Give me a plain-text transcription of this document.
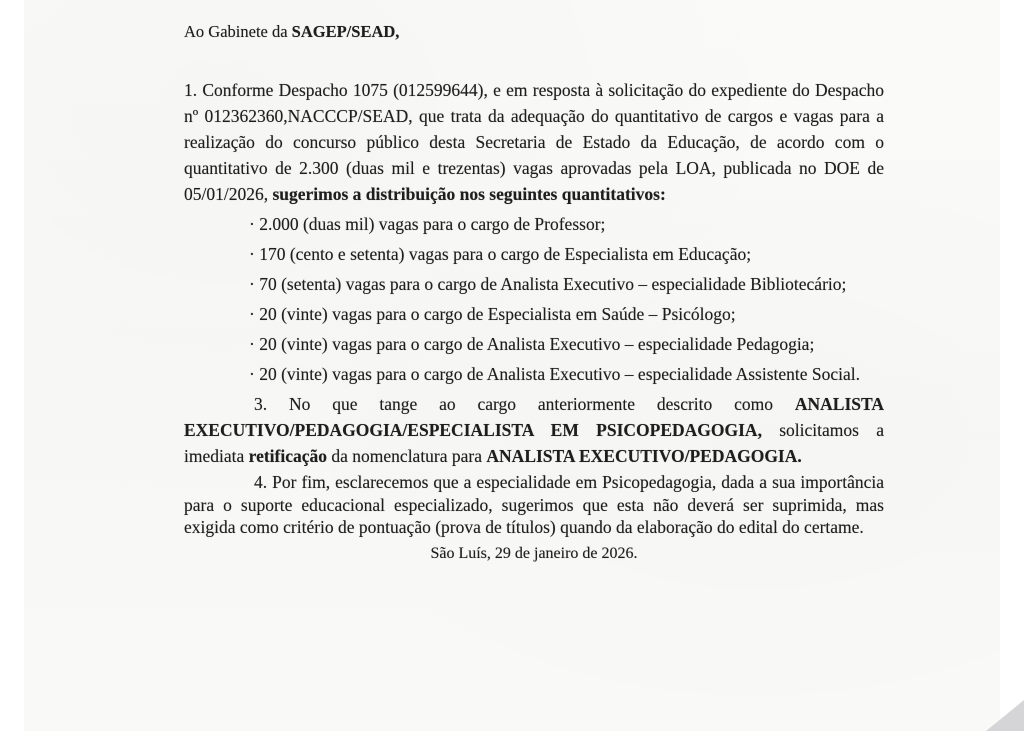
Ao Gabinete da SAGEP/SEAD,

1. Conforme Despacho 1075 (012599644), e em resposta à solicitação do expediente do Despacho nº 012362360,NACCCP/SEAD, que trata da adequação do quantitativo de cargos e vagas para a realização do concurso público desta Secretaria de Estado da Educação, de acordo com o quantitativo de 2.300 (duas mil e trezentas) vagas aprovadas pela LOA, publicada no DOE de 05/01/2026, sugerimos a distribuição nos seguintes quantitativos:

· 2.000 (duas mil) vagas para o cargo de Professor;

· 170 (cento e setenta) vagas para o cargo de Especialista em Educação;

· 70 (setenta) vagas para o cargo de Analista Executivo – especialidade Bibliotecário;

· 20 (vinte) vagas para o cargo de Especialista em Saúde – Psicólogo;

· 20 (vinte) vagas para o cargo de Analista Executivo – especialidade Pedagogia;

· 20 (vinte) vagas para o cargo de Analista Executivo – especialidade Assistente Social.

3. No que tange ao cargo anteriormente descrito como ANALISTA EXECUTIVO/PEDAGOGIA/ESPECIALISTA EM PSICOPEDAGOGIA, solicitamos a imediata retificação da nomenclatura para ANALISTA EXECUTIVO/PEDAGOGIA.

4. Por fim, esclarecemos que a especialidade em Psicopedagogia, dada a sua importância para o suporte educacional especializado, sugerimos que esta não deverá ser suprimida, mas exigida como critério de pontuação (prova de títulos) quando da elaboração do edital do certame.

São Luís, 29 de janeiro de 2026.
